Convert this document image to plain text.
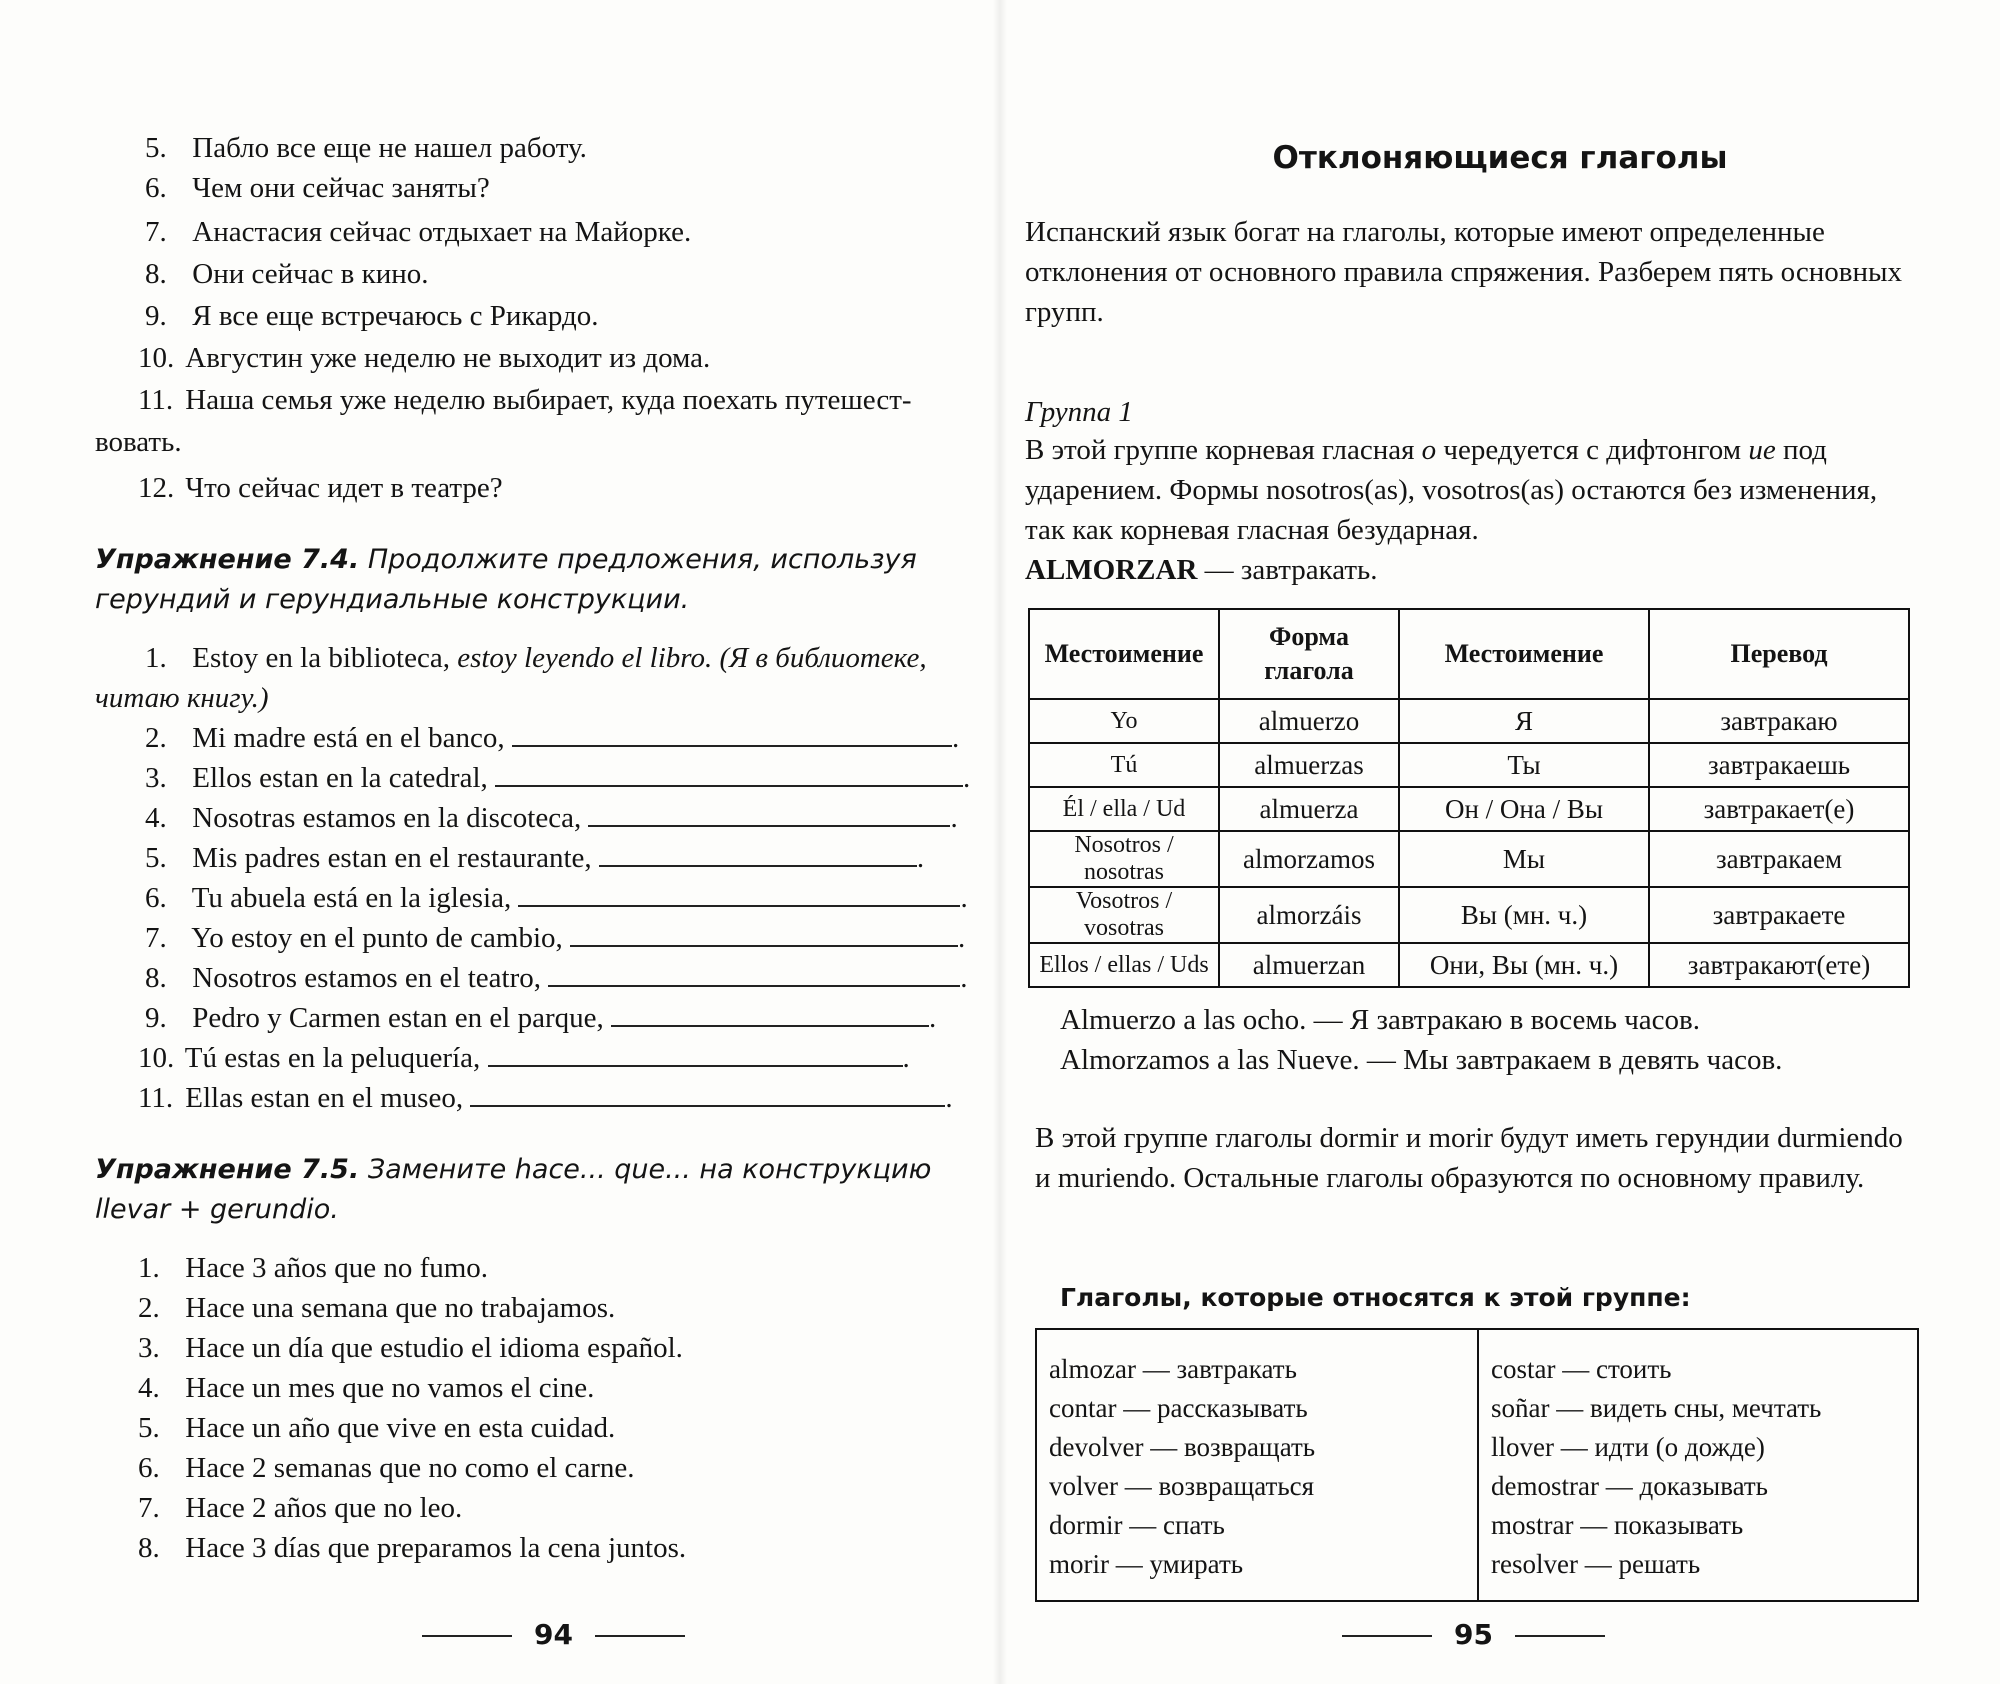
5. Пабло все еще не нашел работу.
6. Чем они сейчас заняты?
7. Анастасия сейчас отдыхает на Майорке.
8. Они сейчас в кино.
9. Я все еще встречаюсь с Рикардо.
10. Августин уже неделю не выходит из дома.
11. Наша семья уже неделю выбирает, куда поехать путешест-
вовать.
12. Что сейчас идет в театре?
Упражнение 7.4. Продолжите предложения, используя герундий и герундиальные конструкции.
1. Estoy en la biblioteca, estoy leyendo el libro. (Я в библиотеке,
читаю книгу.)
2. Mi madre está en el banco,	.
3. Ellos estan en la catedral,	.
4. Nosotras estamos en la discoteca,	.
5. Mis padres estan en el restaurante,	.
6. Tu abuela está en la iglesia,	.
7. Yo estoy en el punto de cambio,	.
8. Nosotros estamos en el teatro,	.
9. Pedro y Carmen estan en el parque,	.
10. Tú estas en la peluquería,	.
11. Ellas estan en el museo,	.
Упражнение 7.5. Замените hace... que... на конструкцию llevar + gerundio.
1. Hace 3 años que no fumo.
2. Hace una semana que no trabajamos.
3. Hace un día que estudio el idioma español.
4. Hace un mes que no vamos el cine.
5. Hace un año que vive en esta cuidad.
6. Hace 2 semanas que no como el carne.
7. Hace 2 años que no leo.
8. Hace 3 días que preparamos la cena juntos.
94
Отклоняющиеся глаголы
Испанский язык богат на глаголы, которые имеют определенные отклонения от основного правила спряжения. Разберем пять основных групп.
Группа 1
В этой группе корневая гласная о чередуется с дифтонгом ие под ударением. Формы nosotros(as), vosotros(as) остаются без изменения, так как корневая гласная безударная.
ALMORZAR — завтракать.
Местоимение	Форма глагола	Местоимение	Перевод
Yo	almuerzo	Я	завтракаю
Tú	almuerzas	Ты	завтракаешь
Él / ella / Ud	almuerza	Он / Она / Вы	завтракает(е)
Nosotros / nosotras	almorzamos	Мы	завтракаем
Vosotros / vosotras	almorzáis	Вы (мн. ч.)	завтракаете
Ellos / ellas / Uds	almuerzan	Они, Вы (мн. ч.)	завтракают(ете)
Almuerzo a las ocho. — Я завтракаю в восемь часов.
Almorzamos a las Nueve. — Мы завтракаем в девять часов.
В этой группе глаголы dormir и morir будут иметь герундии durmiendo и muriendo. Остальные глаголы образуются по основному правилу.
Глаголы, которые относятся к этой группе:
almozar — завтракать
contar — рассказывать
devolver — возвращать
volver — возвращаться
dormir — спать
morir — умирать
costar — стоить
soñar — видеть сны, мечтать
llover — идти (о дожде)
demostrar — доказывать
mostrar — показывать
resolver — решать
95
